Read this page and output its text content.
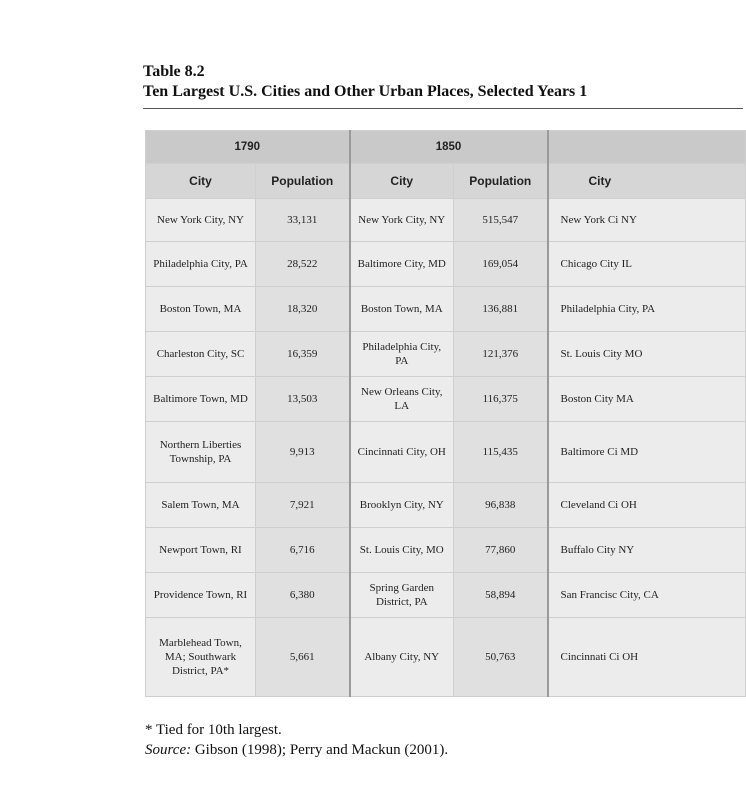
Table 8.2
Ten Largest U.S. Cities and Other Urban Places, Selected Years 1
1790		1850		
City	Population	City	Population	City
New York City, NY	33,131	New York City, NY	515,547	New York Ci NY
Philadelphia City, PA	28,522	Baltimore City, MD	169,054	Chicago City IL
Boston Town, MA	18,320	Boston Town, MA	136,881	Philadelphia City, PA
Charleston City, SC	16,359	Philadelphia City, PA	121,376	St. Louis City MO
Baltimore Town, MD	13,503	New Orleans City, LA	116,375	Boston City MA
Northern Liberties Township, PA	9,913	Cincinnati City, OH	115,435	Baltimore Ci MD
Salem Town, MA	7,921	Brooklyn City, NY	96,838	Cleveland Ci OH
Newport Town, RI	6,716	St. Louis City, MO	77,860	Buffalo City NY
Providence Town, RI	6,380	Spring Garden District, PA	58,894	San Francisc City, CA
Marblehead Town, MA; Southwark District, PA*	5,661	Albany City, NY	50,763	Cincinnati Ci OH
* Tied for 10th largest.
Source: Gibson (1998); Perry and Mackun (2001).
